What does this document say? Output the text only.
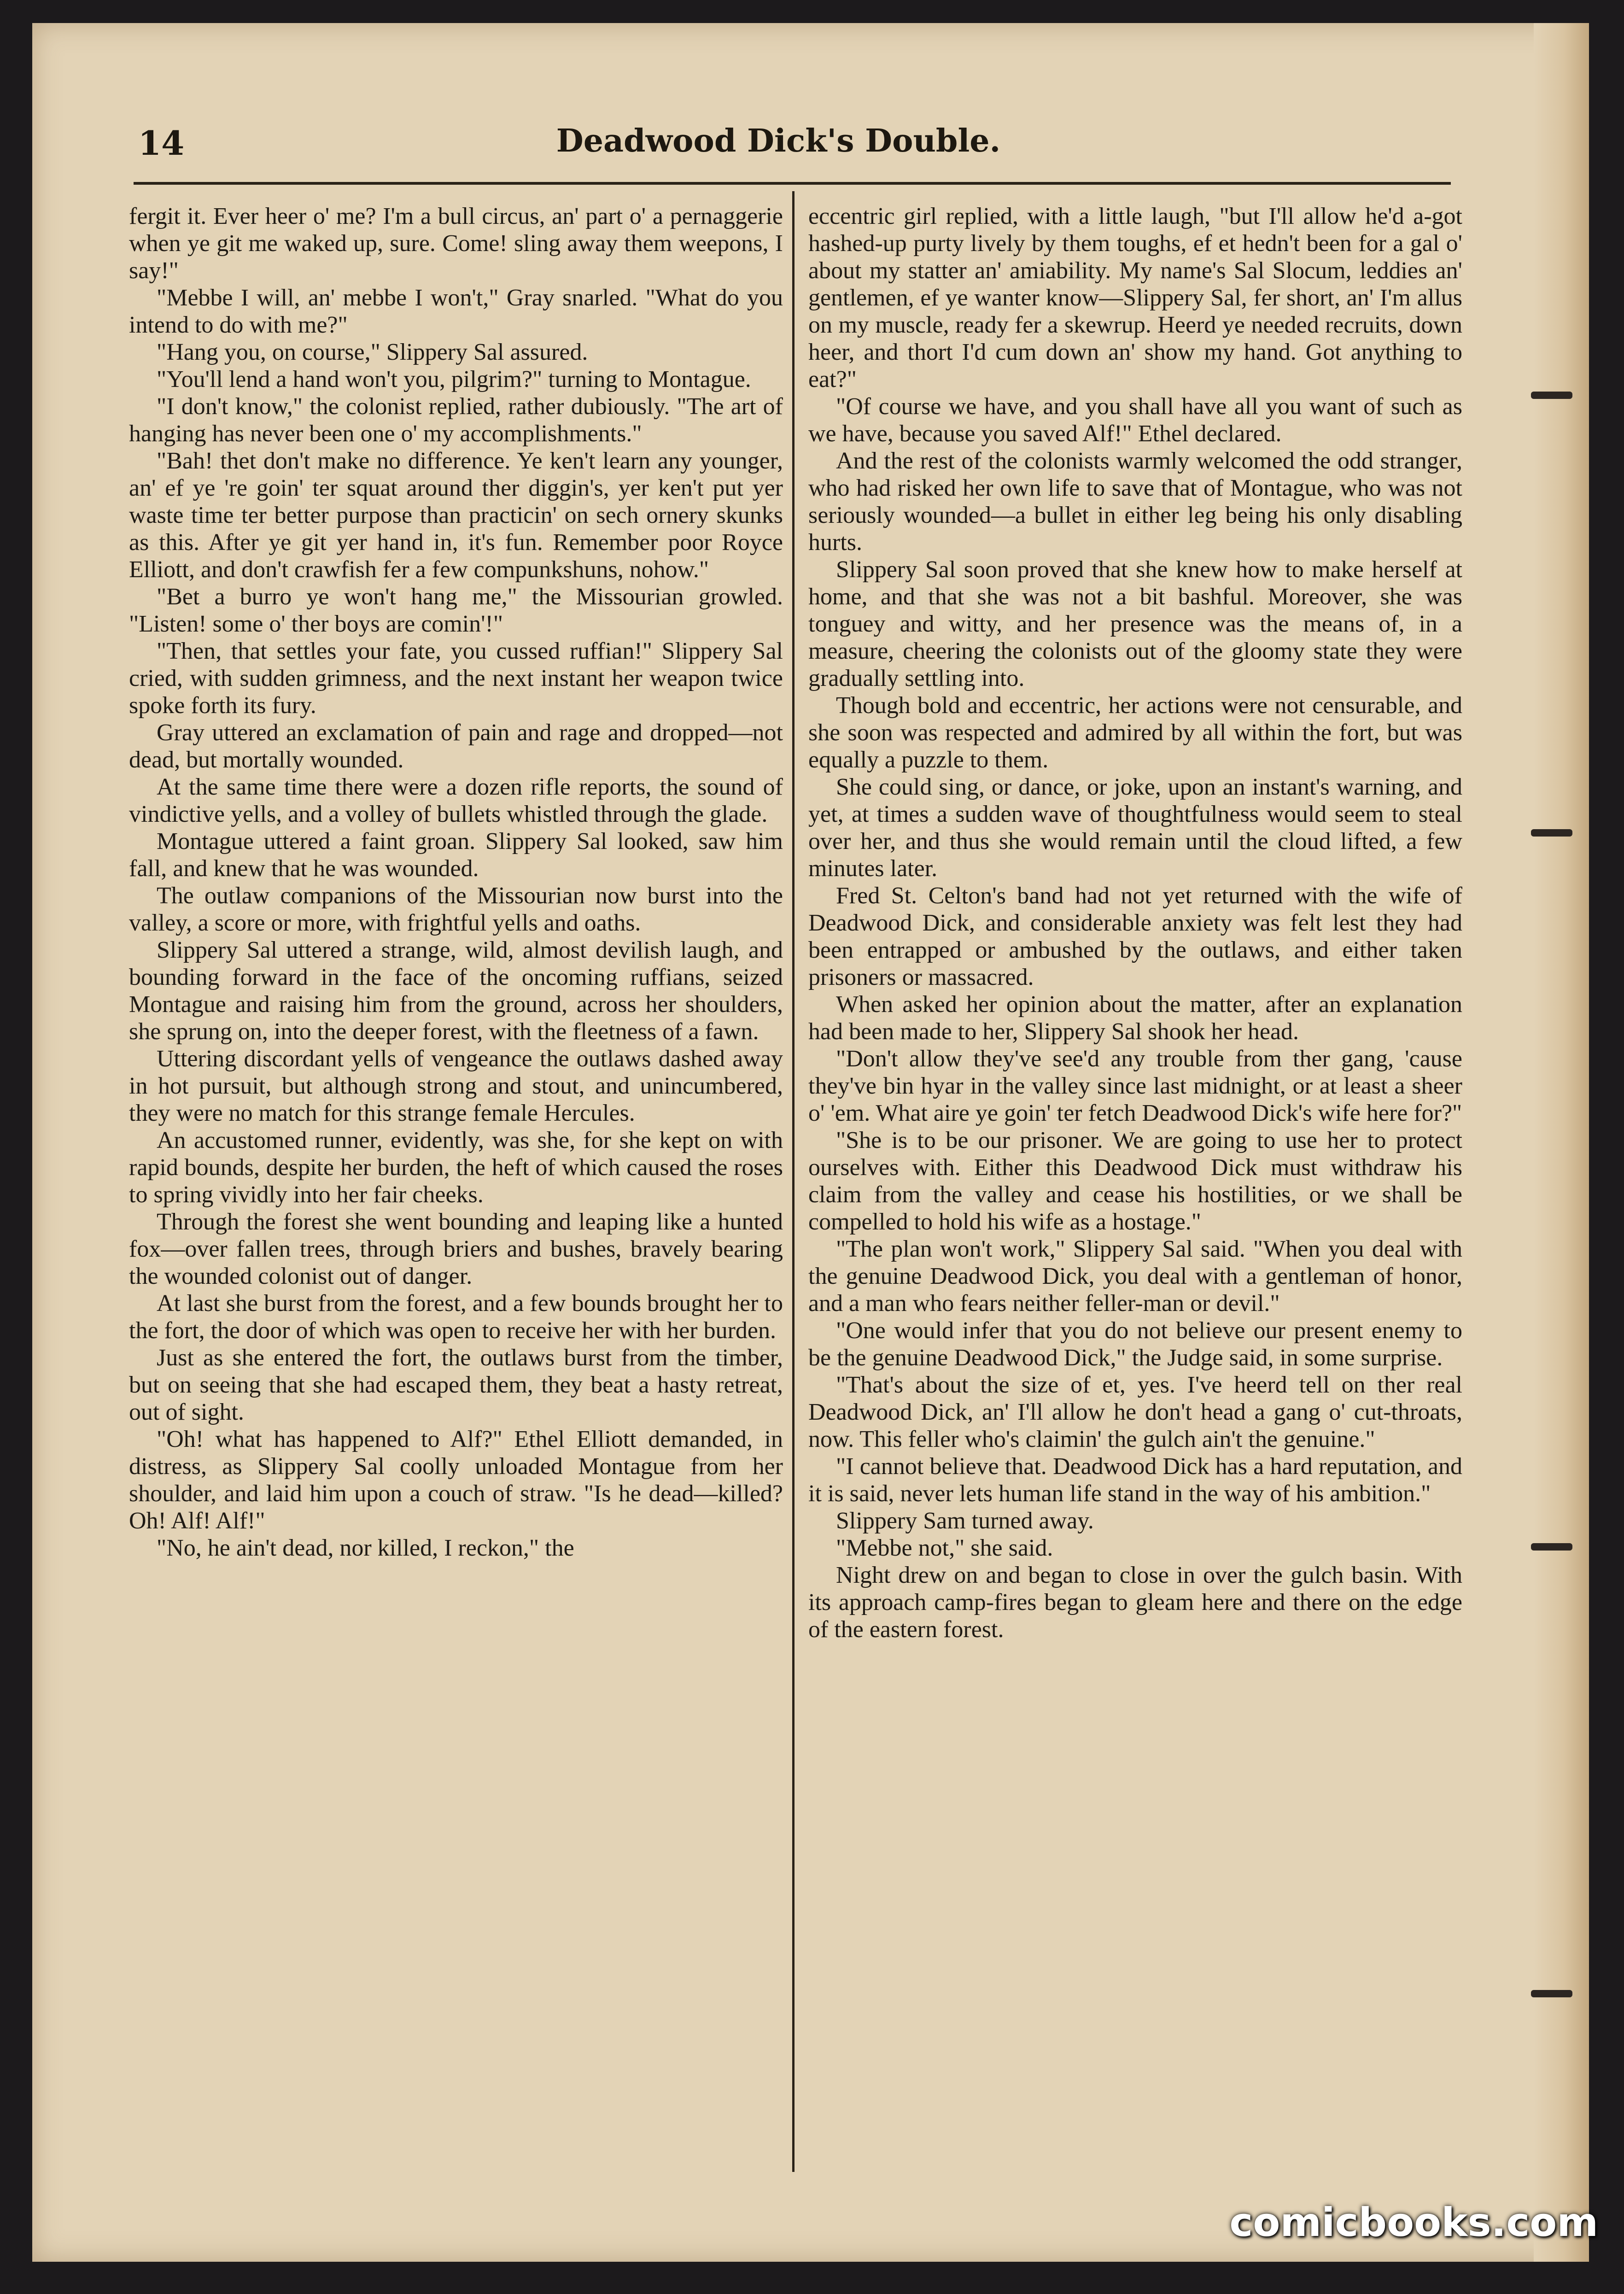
14	Deadwood Dick's Double.

fergit it. Ever heer o' me? I'm a bull circus, an' part o' a pernaggerie when ye git me waked up, sure. Come! sling away them weepons, I say!"

"Mebbe I will, an' mebbe I won't," Gray snarled. "What do you intend to do with me?"

"Hang you, on course," Slippery Sal assured.

"You'll lend a hand won't you, pilgrim?" turning to Montague.

"I don't know," the colonist replied, rather dubiously. "The art of hanging has never been one o' my accomplishments."

"Bah! thet don't make no difference. Ye ken't learn any younger, an' ef ye 're goin' ter squat around ther diggin's, yer ken't put yer waste time ter better purpose than practicin' on sech ornery skunks as this. After ye git yer hand in, it's fun. Remember poor Royce Elliott, and don't crawfish fer a few compunkshuns, nohow."

"Bet a burro ye won't hang me," the Missourian growled. "Listen! some o' ther boys are comin'!"

"Then, that settles your fate, you cussed ruffian!" Slippery Sal cried, with sudden grimness, and the next instant her weapon twice spoke forth its fury.

Gray uttered an exclamation of pain and rage and dropped—not dead, but mortally wounded.

At the same time there were a dozen rifle reports, the sound of vindictive yells, and a volley of bullets whistled through the glade.

Montague uttered a faint groan. Slippery Sal looked, saw him fall, and knew that he was wounded.

The outlaw companions of the Missourian now burst into the valley, a score or more, with frightful yells and oaths.

Slippery Sal uttered a strange, wild, almost devilish laugh, and bounding forward in the face of the oncoming ruffians, seized Montague and raising him from the ground, across her shoulders, she sprung on, into the deeper forest, with the fleetness of a fawn.

Uttering discordant yells of vengeance the outlaws dashed away in hot pursuit, but although strong and stout, and unincumbered, they were no match for this strange female Hercules.

An accustomed runner, evidently, was she, for she kept on with rapid bounds, despite her burden, the heft of which caused the roses to spring vividly into her fair cheeks.

Through the forest she went bounding and leaping like a hunted fox—over fallen trees, through briers and bushes, bravely bearing the wounded colonist out of danger.

At last she burst from the forest, and a few bounds brought her to the fort, the door of which was open to receive her with her burden.

Just as she entered the fort, the outlaws burst from the timber, but on seeing that she had escaped them, they beat a hasty retreat, out of sight.

"Oh! what has happened to Alf?" Ethel Elliott demanded, in distress, as Slippery Sal coolly unloaded Montague from her shoulder, and laid him upon a couch of straw. "Is he dead—killed? Oh! Alf! Alf!"

"No, he ain't dead, nor killed, I reckon," the

eccentric girl replied, with a little laugh, "but I'll allow he'd a-got hashed-up purty lively by them toughs, ef et hedn't been for a gal o' about my statter an' amiability. My name's Sal Slocum, leddies an' gentlemen, ef ye wanter know—Slippery Sal, fer short, an' I'm allus on my muscle, ready fer a skewrup. Heerd ye needed recruits, down heer, and thort I'd cum down an' show my hand. Got anything to eat?"

"Of course we have, and you shall have all you want of such as we have, because you saved Alf!" Ethel declared.

And the rest of the colonists warmly welcomed the odd stranger, who had risked her own life to save that of Montague, who was not seriously wounded—a bullet in either leg being his only disabling hurts.

Slippery Sal soon proved that she knew how to make herself at home, and that she was not a bit bashful. Moreover, she was tonguey and witty, and her presence was the means of, in a measure, cheering the colonists out of the gloomy state they were gradually settling into.

Though bold and eccentric, her actions were not censurable, and she soon was respected and admired by all within the fort, but was equally a puzzle to them.

She could sing, or dance, or joke, upon an instant's warning, and yet, at times a sudden wave of thoughtfulness would seem to steal over her, and thus she would remain until the cloud lifted, a few minutes later.

Fred St. Celton's band had not yet returned with the wife of Deadwood Dick, and considerable anxiety was felt lest they had been entrapped or ambushed by the outlaws, and either taken prisoners or massacred.

When asked her opinion about the matter, after an explanation had been made to her, Slippery Sal shook her head.

"Don't allow they've see'd any trouble from ther gang, 'cause they've bin hyar in the valley since last midnight, or at least a sheer o' 'em. What aire ye goin' ter fetch Deadwood Dick's wife here for?"

"She is to be our prisoner. We are going to use her to protect ourselves with. Either this Deadwood Dick must withdraw his claim from the valley and cease his hostilities, or we shall be compelled to hold his wife as a hostage."

"The plan won't work," Slippery Sal said. "When you deal with the genuine Deadwood Dick, you deal with a gentleman of honor, and a man who fears neither feller-man or devil."

"One would infer that you do not believe our present enemy to be the genuine Deadwood Dick," the Judge said, in some surprise.

"That's about the size of et, yes. I've heerd tell on ther real Deadwood Dick, an' I'll allow he don't head a gang o' cut-throats, now. This feller who's claimin' the gulch ain't the genuine."

"I cannot believe that. Deadwood Dick has a hard reputation, and it is said, never lets human life stand in the way of his ambition."

Slippery Sam turned away.

"Mebbe not," she said.

Night drew on and began to close in over the gulch basin. With its approach camp-fires began to gleam here and there on the edge of the eastern forest.

comicbooks.com
